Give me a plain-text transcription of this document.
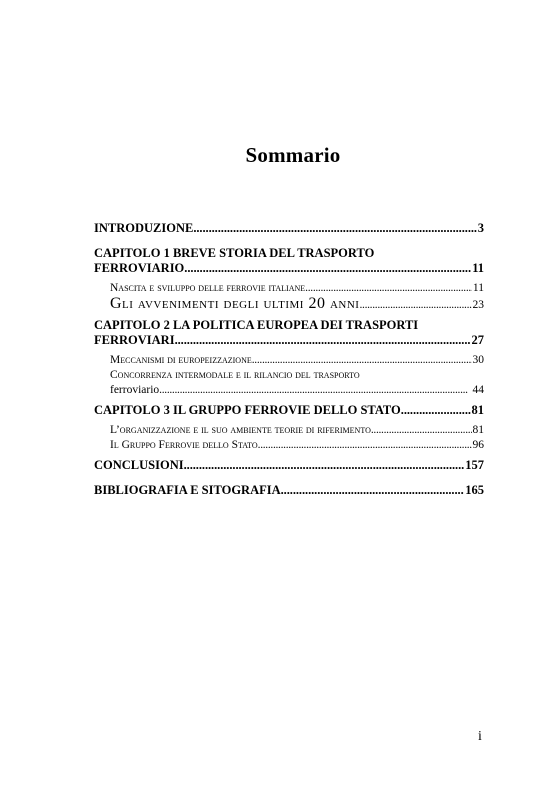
Sommario
INTRODUZIONE . . .	3
CAPITOLO 1 BREVE STORIA DEL TRASPORTO
FERROVIARIO . . .	11
Nascita e sviluppo delle ferrovie italiane . . .	11
Gli avvenimenti degli ultimi 20 anni . . .	23
CAPITOLO 2 LA POLITICA EUROPEA DEI TRASPORTI
FERROVIARI . . .	27
Meccanismi di europeizzazione . . .	30
Concorrenza intermodale e il rilancio del trasporto
ferroviario . . .	44
CAPITOLO 3 IL GRUPPO FERROVIE DELLO STATO . . .	81
L’organizzazione e il suo ambiente teorie di riferimento . . .	81
Il Gruppo Ferrovie dello Stato . . .	96
CONCLUSIONI . . .	157
BIBLIOGRAFIA E SITOGRAFIA . . .	165
i
